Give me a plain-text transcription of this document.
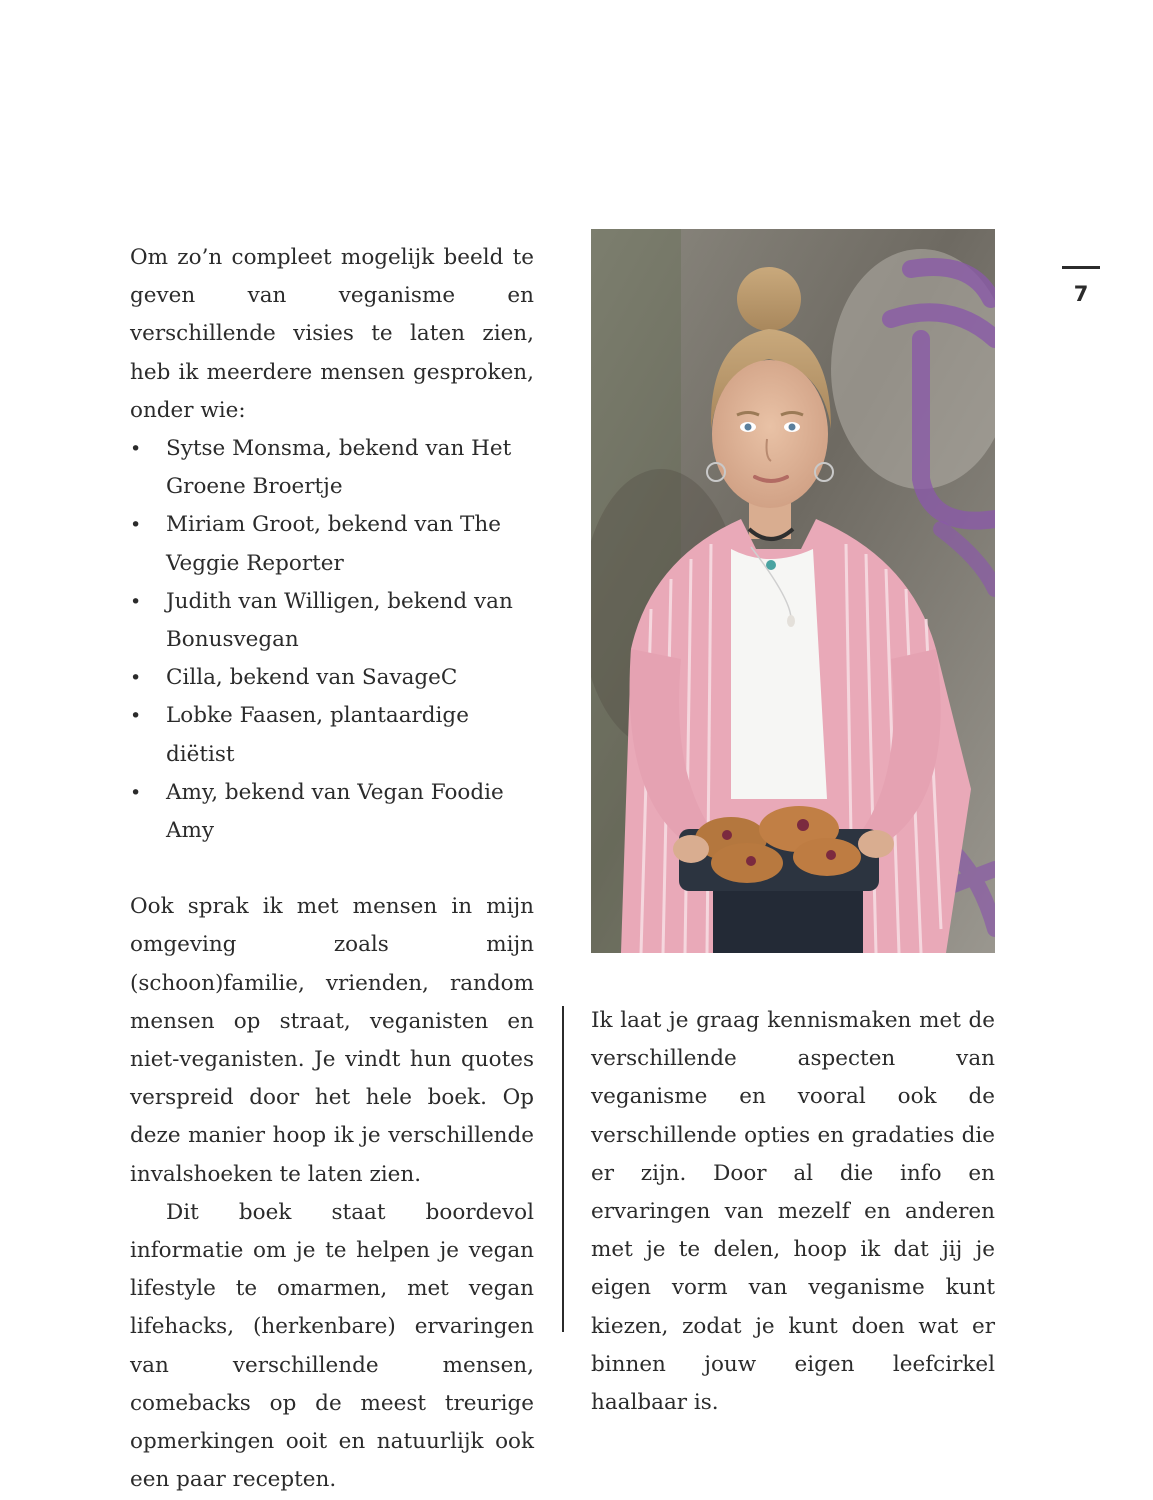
7

Om zo’n compleet mogelijk beeld te geven van veganisme en verschillende visies te laten zien, heb ik meerdere mensen gesproken, onder wie:

• Sytse Monsma, bekend van Het Groene Broertje
• Miriam Groot, bekend van The Veggie Reporter
• Judith van Willigen, bekend van Bonusvegan
• Cilla, bekend van SavageC
• Lobke Faasen, plantaardige diëtist
• Amy, bekend van Vegan Foodie Amy

Ook sprak ik met mensen in mijn omgeving zoals mijn (schoon)familie, vrienden, random mensen op straat, veganisten en niet-veganisten. Je vindt hun quotes verspreid door het hele boek. Op deze manier hoop ik je verschillende invalshoeken te laten zien.

Dit boek staat boordevol informatie om je te helpen je vegan lifestyle te omarmen, met vegan lifehacks, (herkenbare) ervaringen van verschillende mensen, comebacks op de meest treurige opmerkingen ooit en natuurlijk ook een paar recepten.

Ik laat je graag kennismaken met de verschillende aspecten van veganisme en vooral ook de verschillende opties en gradaties die er zijn. Door al die info en ervaringen van mezelf en anderen met je te delen, hoop ik dat jij je eigen vorm van veganisme kunt kiezen, zodat je kunt doen wat er binnen jouw eigen leefcirkel haalbaar is.
